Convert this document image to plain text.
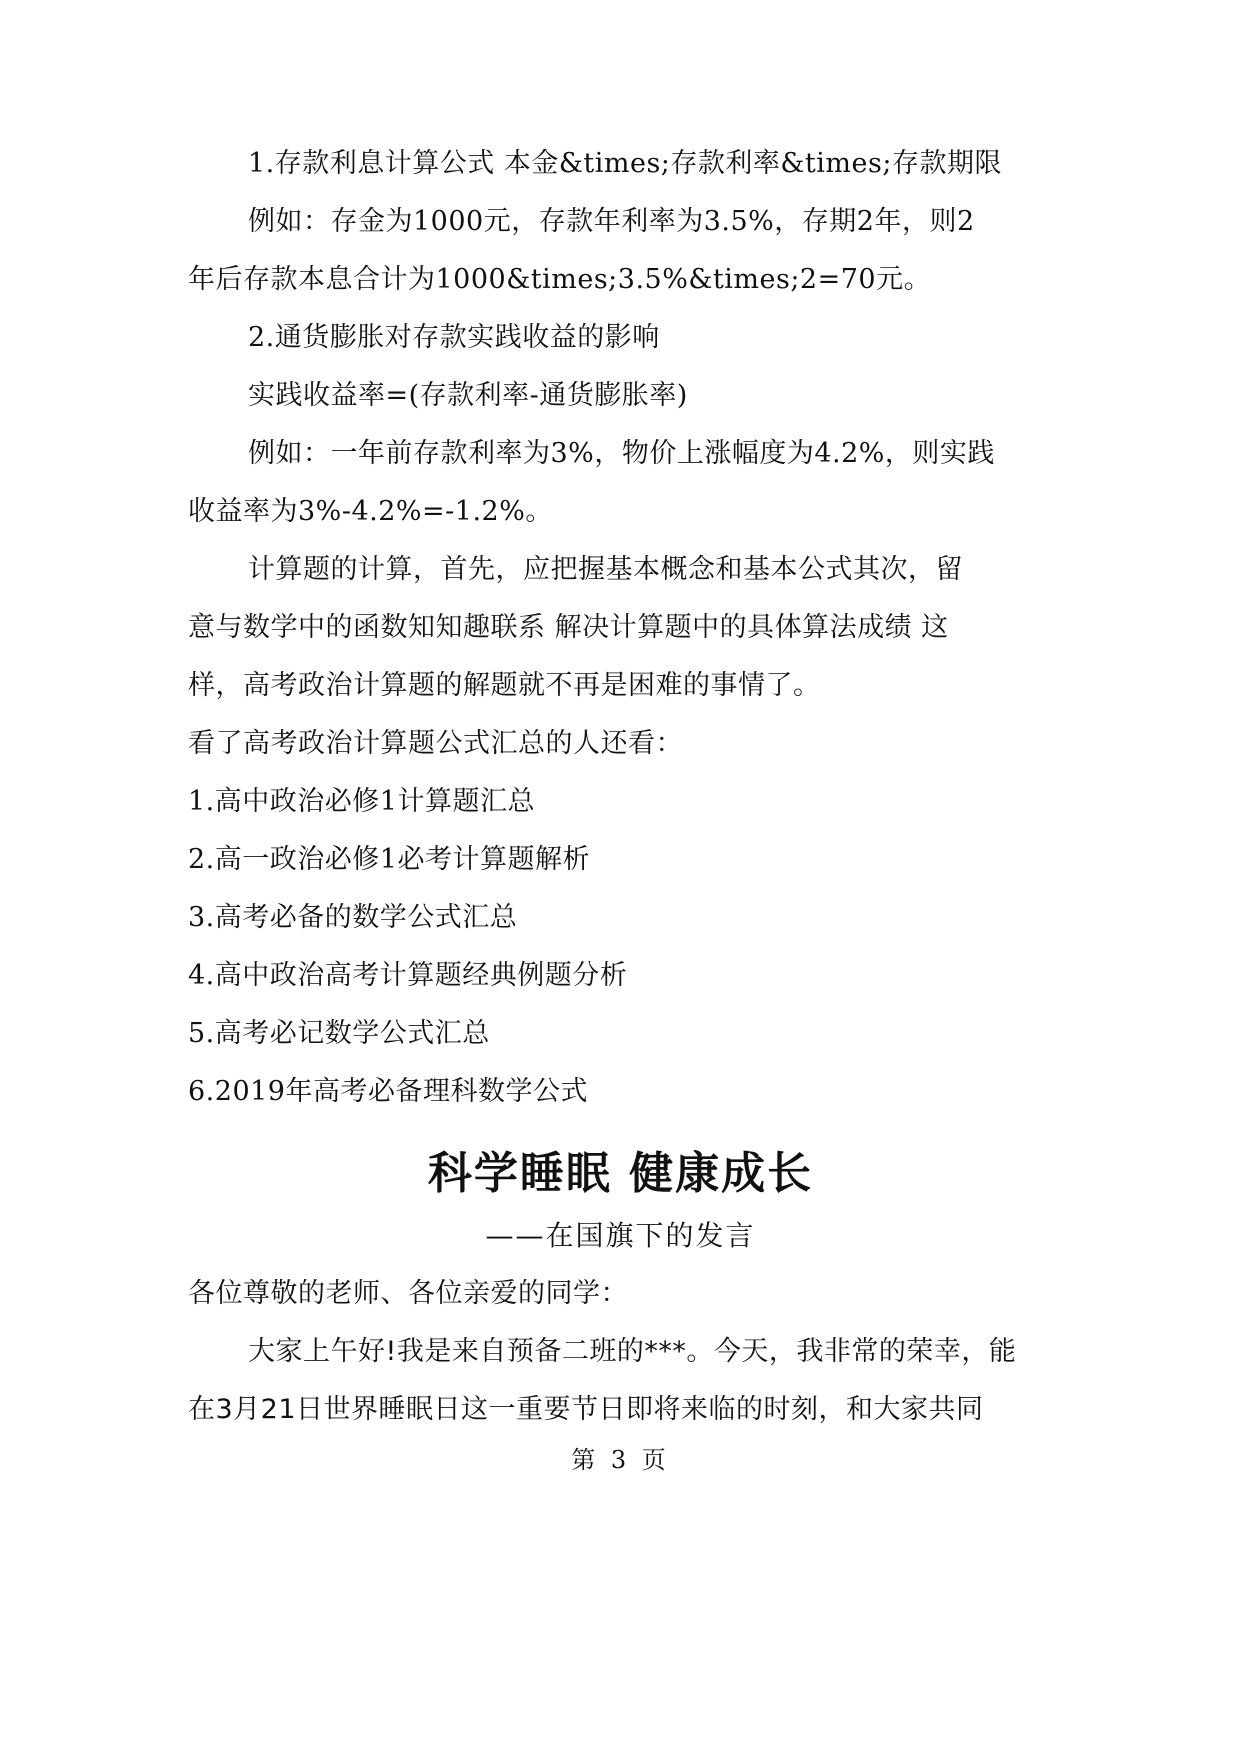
1.存款利息计算公式 本金&times;存款利率&times;存款期限
例如：存金为1000元，存款年利率为3.5%，存期2年，则2
年后存款本息合计为1000&times;3.5%&times;2=70元。
2.通货膨胀对存款实践收益的影响
实践收益率=(存款利率-通货膨胀率)
例如：一年前存款利率为3%，物价上涨幅度为4.2%，则实践
收益率为3%-4.2%=-1.2%。
计算题的计算，首先，应把握基本概念和基本公式其次，留
意与数学中的函数知知趣联系 解决计算题中的具体算法成绩 这
样，高考政治计算题的解题就不再是困难的事情了。
看了高考政治计算题公式汇总的人还看：
1.高中政治必修1计算题汇总
2.高一政治必修1必考计算题解析
3.高考必备的数学公式汇总
4.高中政治高考计算题经典例题分析
5.高考必记数学公式汇总
6.2019年高考必备理科数学公式
科学睡眠 健康成长
——在国旗下的发言
各位尊敬的老师、各位亲爱的同学：
大家上午好!我是来自预备二班的***。今天，我非常的荣幸，能
在3月21日世界睡眠日这一重要节日即将来临的时刻，和大家共同
第 3 页
